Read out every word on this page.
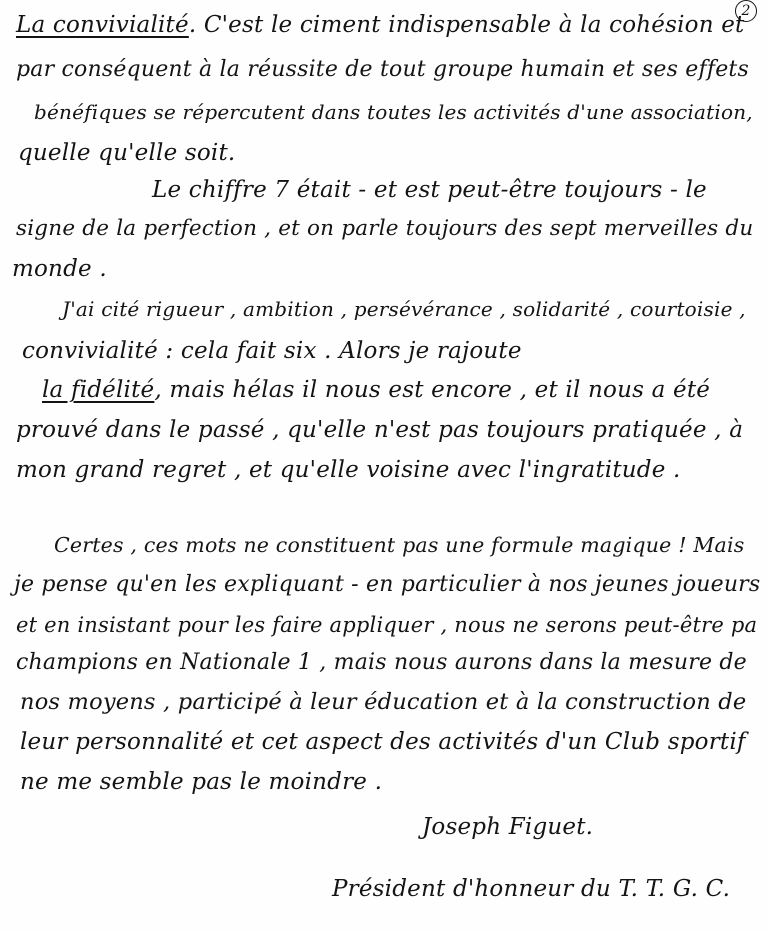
2

La convivialité. C'est le ciment indispensable à la cohésion et

par conséquent à la réussite de tout groupe humain et ses effets

bénéfiques se répercutent dans toutes les activités d'une association,

quelle qu'elle soit.

Le chiffre 7 était - et est peut-être toujours - le

signe de la perfection , et on parle toujours des sept merveilles du

monde .

J'ai cité rigueur , ambition , persévérance , solidarité , courtoisie ,

convivialité : cela fait six . Alors je rajoute

la fidélité, mais hélas il nous est encore , et il nous a été

prouvé dans le passé , qu'elle n'est pas toujours pratiquée , à

mon grand regret , et qu'elle voisine avec l'ingratitude .

Certes , ces mots ne constituent pas une formule magique ! Mais

je pense qu'en les expliquant - en particulier à nos jeunes joueurs

et en insistant pour les faire appliquer , nous ne serons peut-être pa

champions en Nationale 1 , mais nous aurons dans la mesure de

nos moyens , participé à leur éducation et à la construction de

leur personnalité et cet aspect des activités d'un Club sportif

ne me semble pas le moindre .

Joseph Figuet.

Président d'honneur du T. T. G. C.
